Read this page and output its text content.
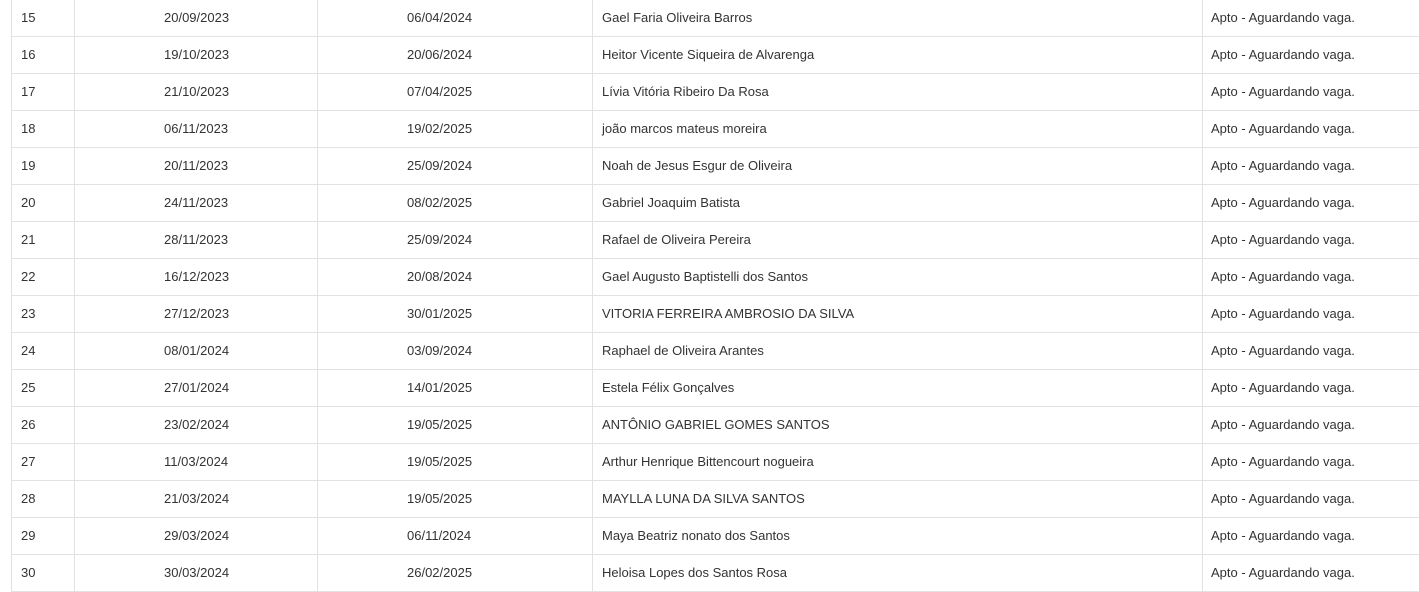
15	20/09/2023	06/04/2024	Gael Faria Oliveira Barros	Apto - Aguardando vaga.
16	19/10/2023	20/06/2024	Heitor Vicente Siqueira de Alvarenga	Apto - Aguardando vaga.
17	21/10/2023	07/04/2025	Lívia Vitória Ribeiro Da Rosa	Apto - Aguardando vaga.
18	06/11/2023	19/02/2025	joão marcos mateus moreira	Apto - Aguardando vaga.
19	20/11/2023	25/09/2024	Noah de Jesus Esgur de Oliveira	Apto - Aguardando vaga.
20	24/11/2023	08/02/2025	Gabriel Joaquim Batista	Apto - Aguardando vaga.
21	28/11/2023	25/09/2024	Rafael de Oliveira Pereira	Apto - Aguardando vaga.
22	16/12/2023	20/08/2024	Gael Augusto Baptistelli dos Santos	Apto - Aguardando vaga.
23	27/12/2023	30/01/2025	VITORIA FERREIRA AMBROSIO DA SILVA	Apto - Aguardando vaga.
24	08/01/2024	03/09/2024	Raphael de Oliveira Arantes	Apto - Aguardando vaga.
25	27/01/2024	14/01/2025	Estela Félix Gonçalves	Apto - Aguardando vaga.
26	23/02/2024	19/05/2025	ANTÔNIO GABRIEL GOMES SANTOS	Apto - Aguardando vaga.
27	11/03/2024	19/05/2025	Arthur Henrique Bittencourt nogueira	Apto - Aguardando vaga.
28	21/03/2024	19/05/2025	MAYLLA LUNA DA SILVA SANTOS	Apto - Aguardando vaga.
29	29/03/2024	06/11/2024	Maya Beatriz nonato dos Santos	Apto - Aguardando vaga.
30	30/03/2024	26/02/2025	Heloisa Lopes dos Santos Rosa	Apto - Aguardando vaga.
